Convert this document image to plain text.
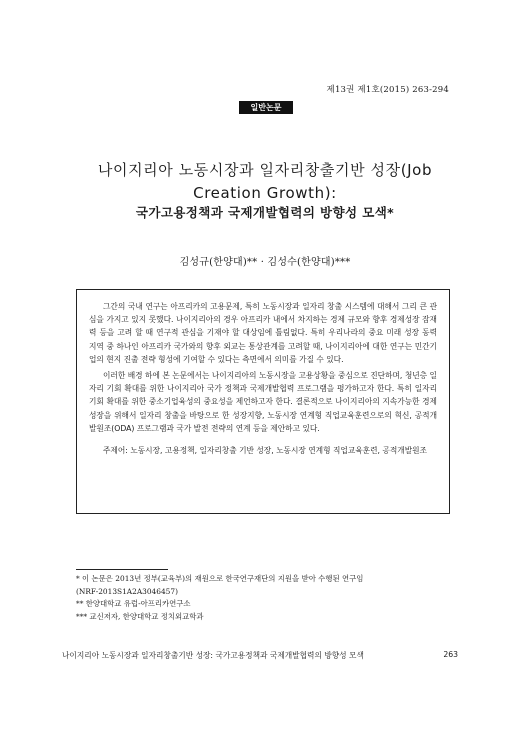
제13권 제1호(2015) 263-294
일반논문
나이지리아 노동시장과 일자리창출기반 성장(Job
Creation Growth):
국가고용정책과 국제개발협력의 방향성 모색*
김성규(한양대)** · 김성수(한양대)***

그간의 국내 연구는 아프리카의 고용문제, 특히 노동시장과 일자리 창출 시스템에 대해서 그리 큰 관심을 가지고 있지 못했다. 나이지리아의 경우 아프리카 내에서 차지하는 경제 규모와 향후 경제성장 잠재력 등을 고려 할 때 연구적 관심을 기재야 할 대상임에 틀림없다. 특히 우리나라의 중요 미래 성장 동력 지역 중 하나인 아프리카 국가와의 향후 외교는 통상관계를 고려할 때, 나이지리아에 대한 연구는 민간기업의 현지 진출 전략 형성에 기여할 수 있다는 측면에서 의미를 가질 수 있다.

이러한 배경 하에 본 논문에서는 나이지리아의 노동시장을 고용상황을 중심으로 진단하며, 청년층 일자리 기회 확대를 위한 나이지리아 국가 정책과 국제개발협력 프로그램을 평가하고자 한다. 특히 일자리 기회 확대를 위한 중소기업육성의 중요성을 제언하고자 한다. 결론적으로 나이지리아의 지속가능한 경제성장을 위해서 일자리 창출을 바탕으로 한 성장지향, 노동시장 연계형 직업교육훈련으로의 혁신, 공적개발원조(ODA) 프로그램과 국가 발전 전략의 연계 등을 제안하고 있다.

주제어: 노동시장, 고용정책, 일자리창출 기반 성장, 노동시장 연계형 직업교육훈련, 공적개발원조
* 이 논문은 2013년 정부(교육부)의 재원으로 한국연구재단의 지원을 받아 수행된 연구임
(NRF-2013S1A2A3046457)
** 한양대학교 유럽-아프리카연구소
*** 교신저자, 한양대학교 정치외교학과
나이지리아 노동시장과 일자리창출기반 성장: 국가고용정책과 국제개발협력의 방향성 모색	263
